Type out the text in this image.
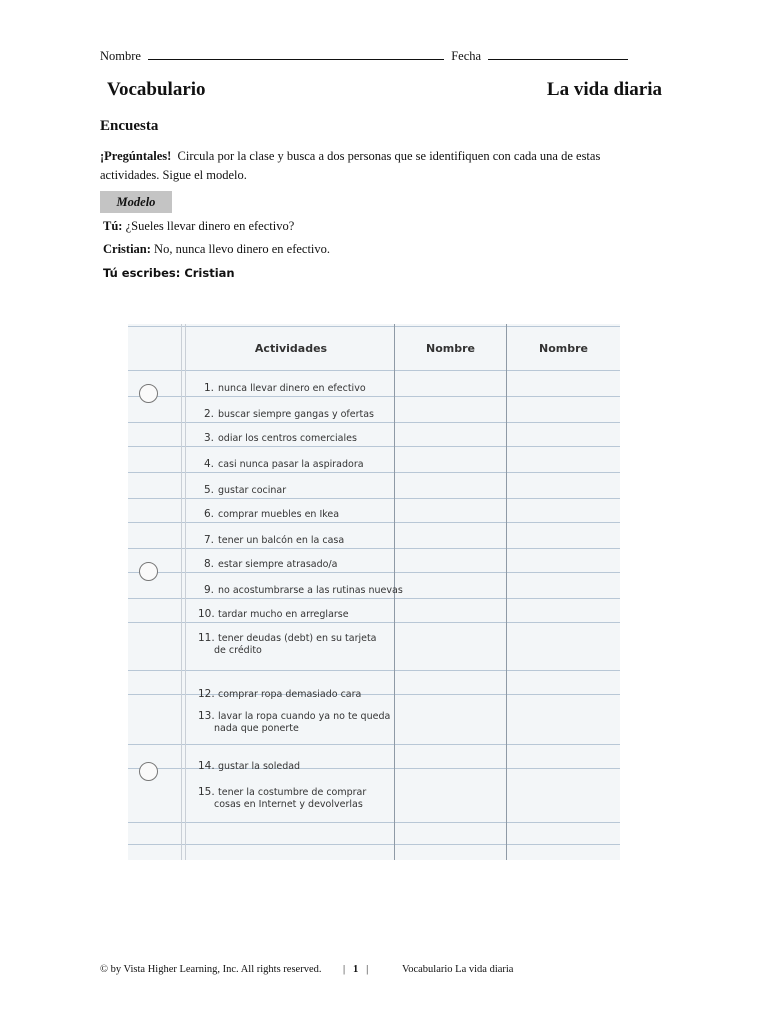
Nombre	Fecha
Vocabulario	La vida diaria
Encuesta
¡Pregúntales! Circula por la clase y busca a dos personas que se identifiquen con cada una de estas actividades. Sigue el modelo.
Modelo
Tú: ¿Sueles llevar dinero en efectivo?
Cristian: No, nunca llevo dinero en efectivo.
Tú escribes: Cristian
Actividades	Nombre	Nombre
1. nunca llevar dinero en efectivo
2. buscar siempre gangas y ofertas
3. odiar los centros comerciales
4. casi nunca pasar la aspiradora
5. gustar cocinar
6. comprar muebles en Ikea
7. tener un balcón en la casa
8. estar siempre atrasado/a
9. no acostumbrarse a las rutinas nuevas
10. tardar mucho en arreglarse
11. tener deudas (debt) en su tarjeta
de crédito
12. comprar ropa demasiado cara
13. lavar la ropa cuando ya no te queda
nada que ponerte
14. gustar la soledad
15. tener la costumbre de comprar
cosas en Internet y devolverlas
© by Vista Higher Learning, Inc. All rights reserved. | 1 |	Vocabulario La vida diaria
